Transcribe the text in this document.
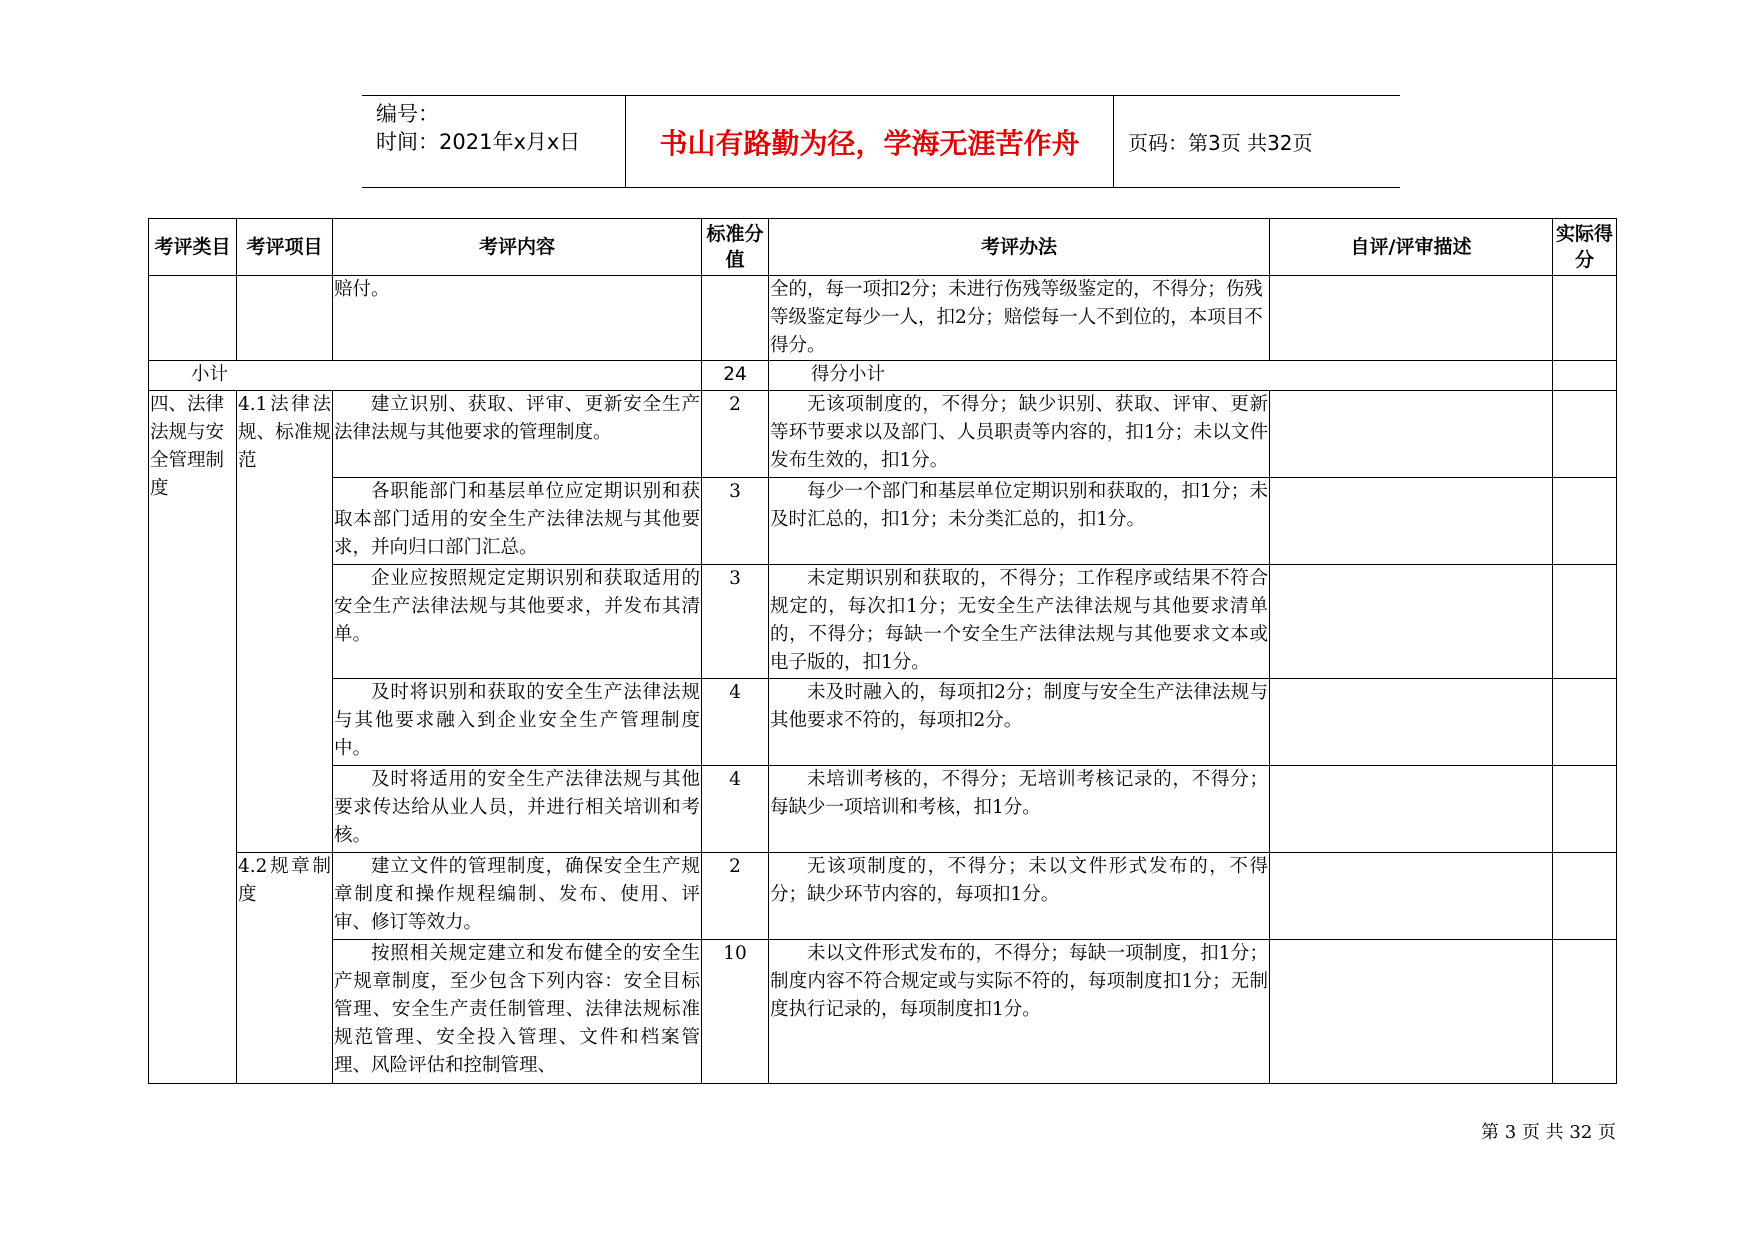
编号：
时间：2021年x月x日	书山有路勤为径，学海无涯苦作舟	页码：第3页 共32页
考评类目	考评项目	考评内容	标准分值	考评办法	自评/评审描述	实际得分
		赔付。		全的，每一项扣2分；未进行伤残等级鉴定的，不得分；伤残等级鉴定每少一人，扣2分；赔偿每一人不到位的，本项目不得分。		
小计			24	得分小计		
四、法律法规与安全管理制度	4.1法律法规、标准规范	建立识别、获取、评审、更新安全生产法律法规与其他要求的管理制度。	2	无该项制度的，不得分；缺少识别、获取、评审、更新等环节要求以及部门、人员职责等内容的，扣1分；未以文件发布生效的，扣1分。		
		各职能部门和基层单位应定期识别和获取本部门适用的安全生产法律法规与其他要求，并向归口部门汇总。	3	每少一个部门和基层单位定期识别和获取的，扣1分；未及时汇总的，扣1分；未分类汇总的，扣1分。		
		企业应按照规定定期识别和获取适用的安全生产法律法规与其他要求，并发布其清单。	3	未定期识别和获取的，不得分；工作程序或结果不符合规定的，每次扣1分；无安全生产法律法规与其他要求清单的，不得分；每缺一个安全生产法律法规与其他要求文本或电子版的，扣1分。		
		及时将识别和获取的安全生产法律法规与其他要求融入到企业安全生产管理制度中。	4	未及时融入的，每项扣2分；制度与安全生产法律法规与其他要求不符的，每项扣2分。		
		及时将适用的安全生产法律法规与其他要求传达给从业人员，并进行相关培训和考核。	4	未培训考核的，不得分；无培训考核记录的，不得分；每缺少一项培训和考核，扣1分。		
	4.2规章制度	建立文件的管理制度，确保安全生产规章制度和操作规程编制、发布、使用、评审、修订等效力。	2	无该项制度的，不得分；未以文件形式发布的，不得分；缺少环节内容的，每项扣1分。		
		按照相关规定建立和发布健全的安全生产规章制度，至少包含下列内容：安全目标管理、安全生产责任制管理、法律法规标准规范管理、安全投入管理、文件和档案管理、风险评估和控制管理、	10	未以文件形式发布的，不得分；每缺一项制度，扣1分；制度内容不符合规定或与实际不符的，每项制度扣1分；无制度执行记录的，每项制度扣1分。		
第 3 页 共 32 页
